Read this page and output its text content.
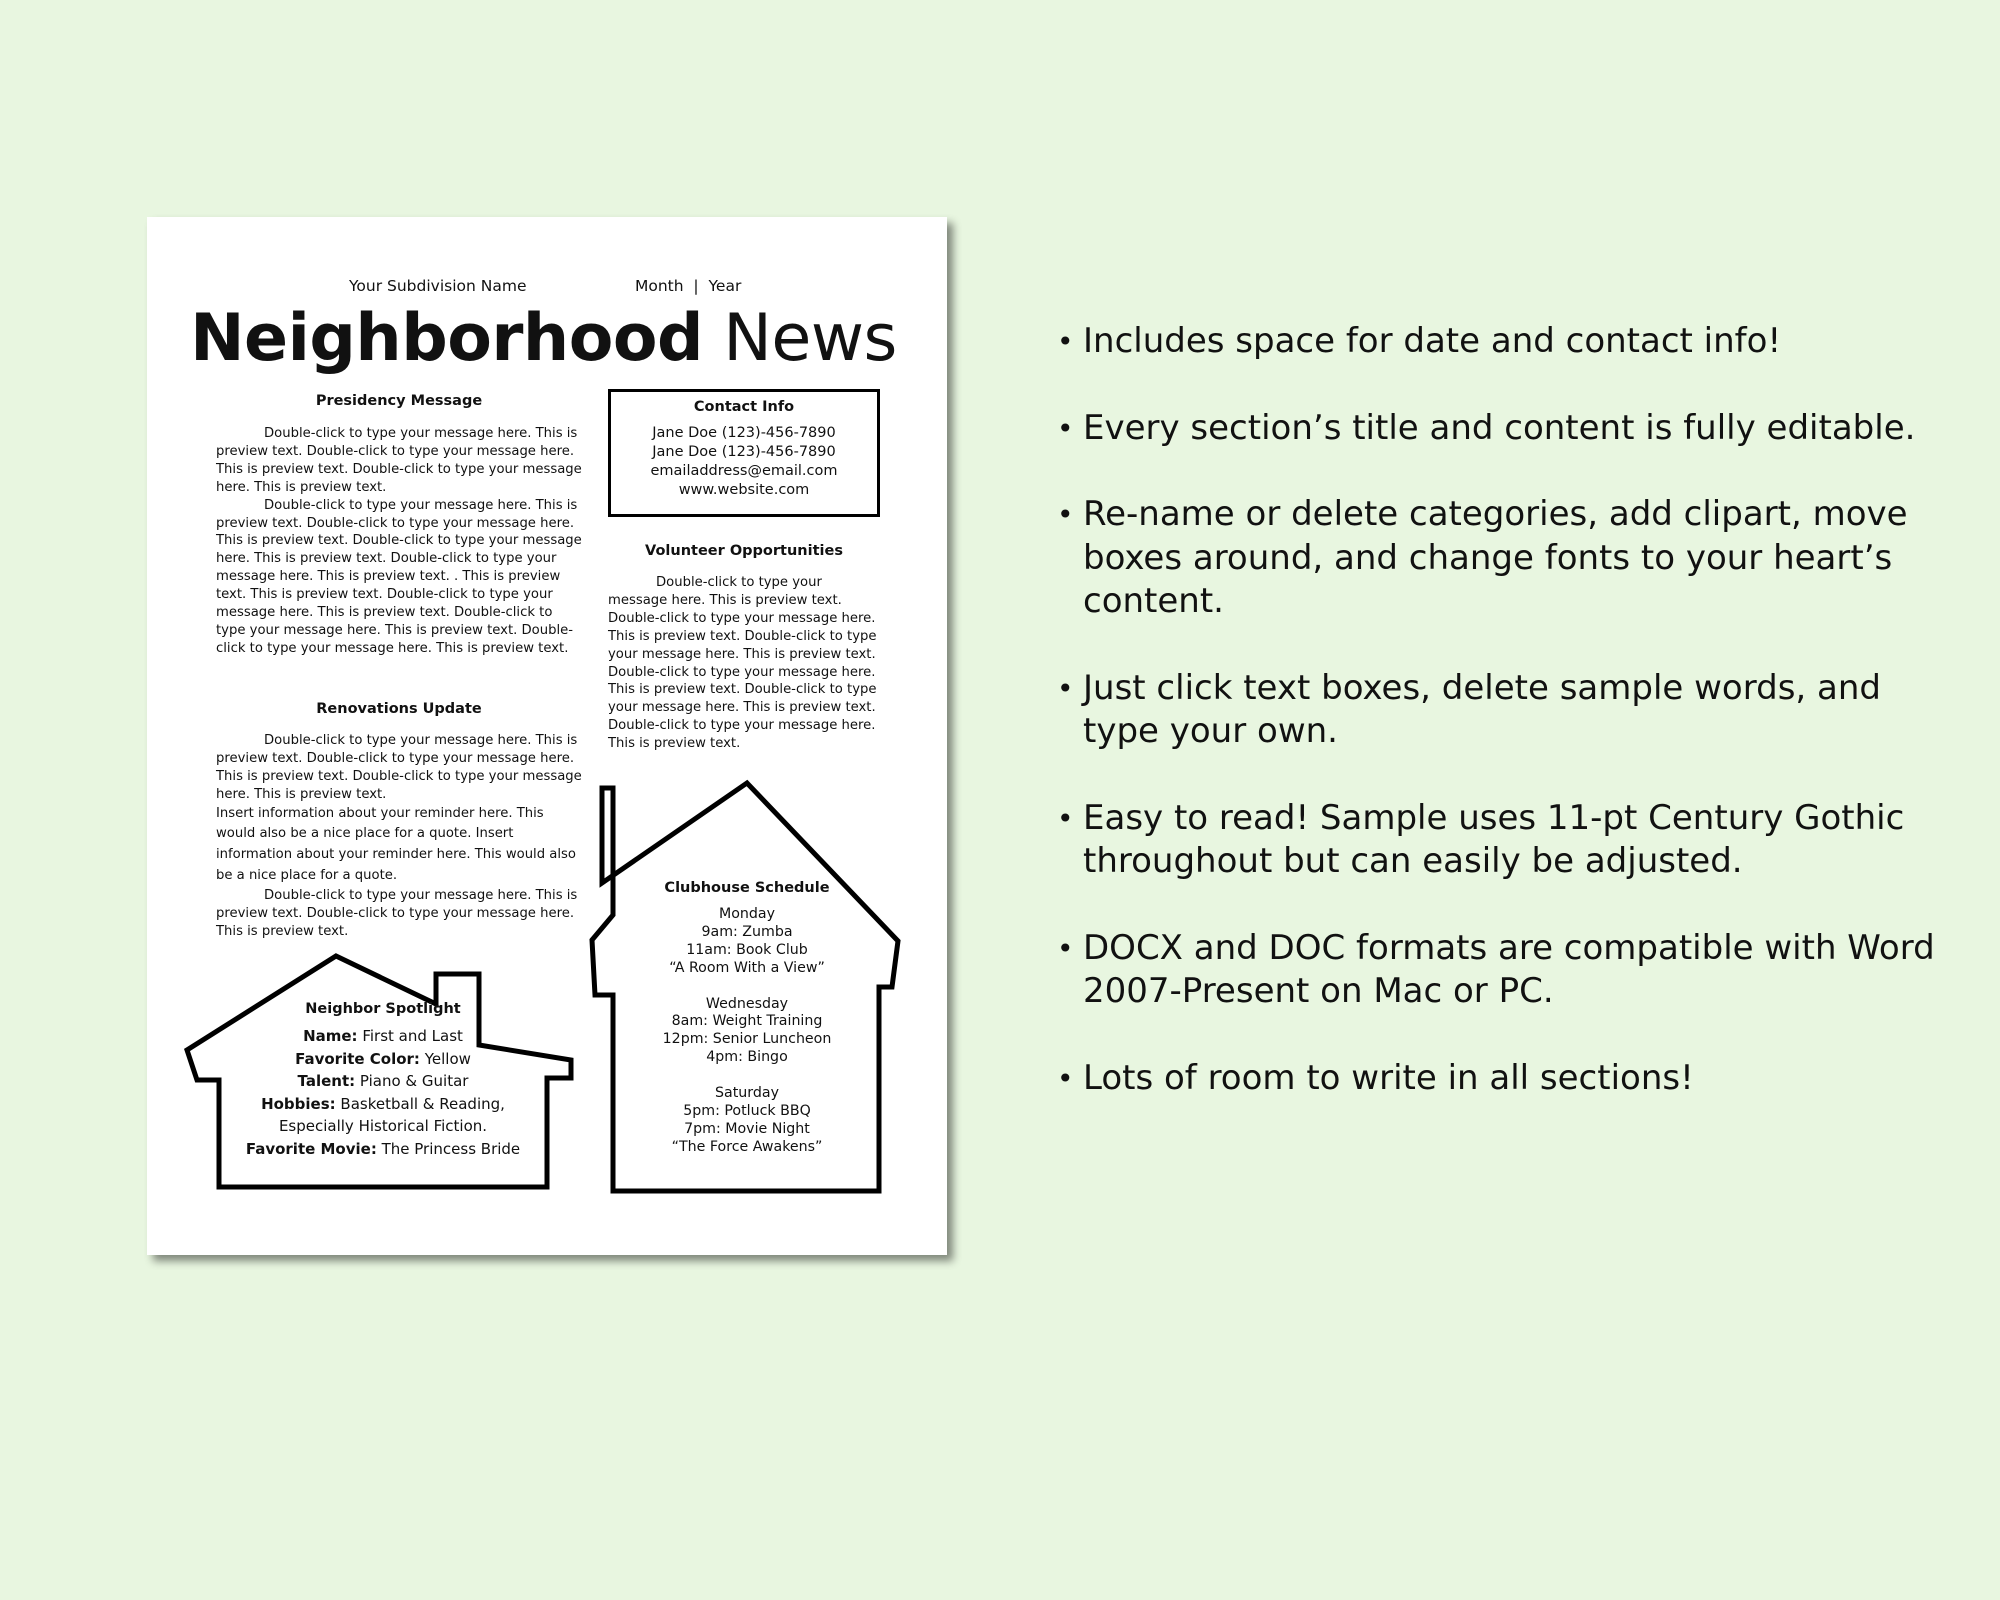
Your Subdivision Name	Month  |  Year
Neighborhood News
Presidency Message

Double-click to type your message here. This is preview text. Double-click to type your message here. This is preview text. Double-click to type your message here. This is preview text.

Double-click to type your message here. This is preview text. Double-click to type your message here. This is preview text. Double-click to type your message here. This is preview text. Double-click to type your message here. This is preview text. . This is preview text. This is preview text. Double-click to type your message here. This is preview text. Double-click to type your message here. This is preview text. Double-click to type your message here. This is preview text.

Renovations Update

Double-click to type your message here. This is preview text. Double-click to type your message here. This is preview text. Double-click to type your message here. This is preview text.

Insert information about your reminder here. This would also be a nice place for a quote. Insert information about your reminder here. This would also be a nice place for a quote.

Double-click to type your message here. This is preview text. Double-click to type your message here. This is preview text.

Contact Info
Jane Doe (123)-456-7890
Jane Doe (123)-456-7890
emailaddress@email.com
www.website.com
Volunteer Opportunities

Double-click to type your message here. This is preview text. Double-click to type your message here. This is preview text. Double-click to type your message here. This is preview text. Double-click to type your message here. This is preview text. Double-click to type your message here. This is preview text. Double-click to type your message here. This is preview text.

Clubhouse Schedule
Monday
9am: Zumba
11am: Book Club
“A Room With a View”
Wednesday
8am: Weight Training
12pm: Senior Luncheon
4pm: Bingo
Saturday
5pm: Potluck BBQ
7pm: Movie Night
“The Force Awakens”
Neighbor Spotlight
Name: First and Last
Favorite Color: Yellow
Talent: Piano & Guitar
Hobbies: Basketball & Reading,
Especially Historical Fiction.
Favorite Movie: The Princess Bride
• Includes space for date and contact info!
• Every section’s title and content is fully editable.
• Re-name or delete categories, add clipart, move boxes around, and change fonts to your heart’s content.
• Just click text boxes, delete sample words, and type your own.
• Easy to read! Sample uses 11-pt Century Gothic throughout but can easily be adjusted.
• DOCX and DOC formats are compatible with Word 2007-Present on Mac or PC.
• Lots of room to write in all sections!
